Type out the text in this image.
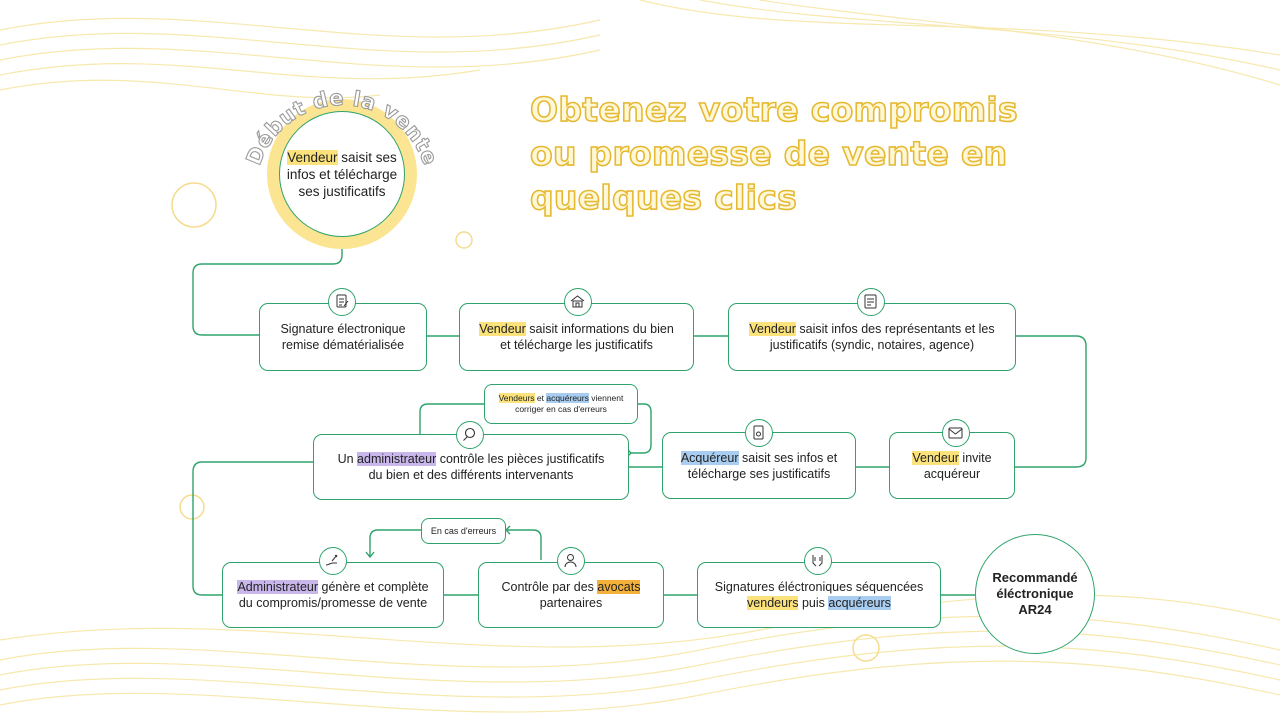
Début de la vente
Vendeur saisit ses infos et télécharge ses justificatifs
Obtenez votre compromis
ou promesse de vente en
quelques clics
Signature électronique
remise dématérialisée
Vendeur saisit informations du bien
et télécharge les justificatifs
Vendeur saisit infos des représentants et les
justificatifs (syndic, notaires, agence)
Vendeur invite
acquéreur
Acquéreur saisit ses infos et
télécharge ses justificatifs
Un administrateur contrôle les pièces justificatifs
du bien et des différents intervenants
Vendeurs et acquéreurs viennent
corriger en cas d'erreurs
Administrateur génère et complète
du compromis/promesse de vente
Contrôle par des avocats
partenaires
En cas d'erreurs
Signatures éléctroniques séquencées
vendeurs puis acquéreurs
Recommandé
éléctronique
AR24
